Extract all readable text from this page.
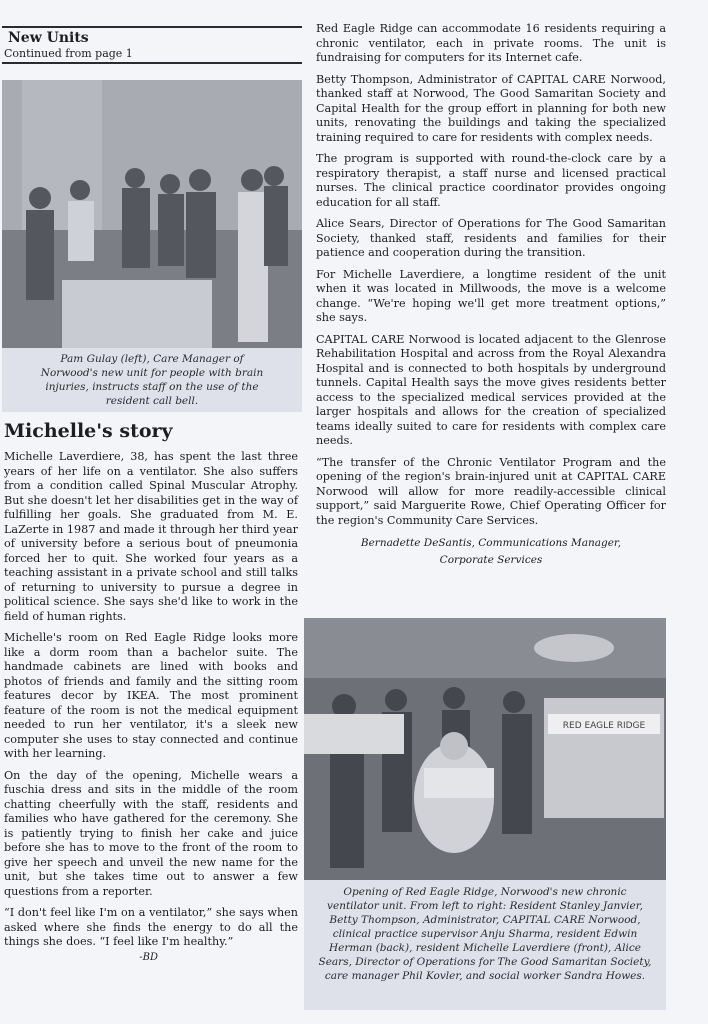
New Units
Continued from page 1
Pam Gulay (left), Care Manager of Norwood's new unit for people with brain injuries, instructs staff on the use of the resident call bell.
Michelle's story

Michelle Laverdiere, 38, has spent the last three years of her life on a ventilator. She also suffers from a condition called Spinal Muscular Atrophy. But she doesn't let her disabilities get in the way of fulfilling her goals. She graduated from M. E. LaZerte in 1987 and made it through her third year of university before a serious bout of pneumonia forced her to quit. She worked four years as a teaching assistant in a private school and still talks of returning to university to pursue a degree in political science. She says she'd like to work in the field of human rights.

Michelle's room on Red Eagle Ridge looks more like a dorm room than a bachelor suite. The handmade cabinets are lined with books and photos of friends and family and the sitting room features decor by IKEA. The most prominent feature of the room is not the medical equipment needed to run her ventilator, it's a sleek new computer she uses to stay connected and continue with her learning.

On the day of the opening, Michelle wears a fuschia dress and sits in the middle of the room chatting cheerfully with the staff, residents and families who have gathered for the ceremony. She is patiently trying to finish her cake and juice before she has to move to the front of the room to give her speech and unveil the new name for the unit, but she takes time out to answer a few questions from a reporter.

“I don't feel like I'm on a ventilator,” she says when asked where she finds the energy to do all the things she does. “I feel like I'm healthy.”

-BD

Red Eagle Ridge can accommodate 16 residents requiring a chronic ventilator, each in private rooms. The unit is fundraising for computers for its Internet cafe.

Betty Thompson, Administrator of CAPITAL CARE Norwood, thanked staff at Norwood, The Good Samaritan Society and Capital Health for the group effort in planning for both new units, renovating the buildings and taking the specialized training required to care for residents with complex needs.

The program is supported with round-the-clock care by a respiratory therapist, a staff nurse and licensed practical nurses. The clinical practice coordinator provides ongoing education for all staff.

Alice Sears, Director of Operations for The Good Samaritan Society, thanked staff, residents and families for their patience and cooperation during the transition.

For Michelle Laverdiere, a longtime resident of the unit when it was located in Millwoods, the move is a welcome change. “We're hoping we'll get more treatment options,” she says.

CAPITAL CARE Norwood is located adjacent to the Glenrose Rehabilitation Hospital and across from the Royal Alexandra Hospital and is connected to both hospitals by underground tunnels. Capital Health says the move gives residents better access to the specialized medical services provided at the larger hospitals and allows for the creation of specialized teams ideally suited to care for residents with complex care needs.

“The transfer of the Chronic Ventilator Program and the opening of the region's brain-injured unit at CAPITAL CARE Norwood will allow for more readily-accessible clinical support,” said Marguerite Rowe, Chief Operating Officer for the region's Community Care Services.

Bernadette DeSantis, Communications Manager,
Corporate Services
RED EAGLE RIDGE
Opening of Red Eagle Ridge, Norwood's new chronic ventilator unit. From left to right: Resident Stanley Janvier, Betty Thompson, Administrator, CAPITAL CARE Norwood, clinical practice supervisor Anju Sharma, resident Edwin Herman (back), resident Michelle Laverdiere (front), Alice Sears, Director of Operations for The Good Samaritan Society, care manager Phil Kovler, and social worker Sandra Howes.
